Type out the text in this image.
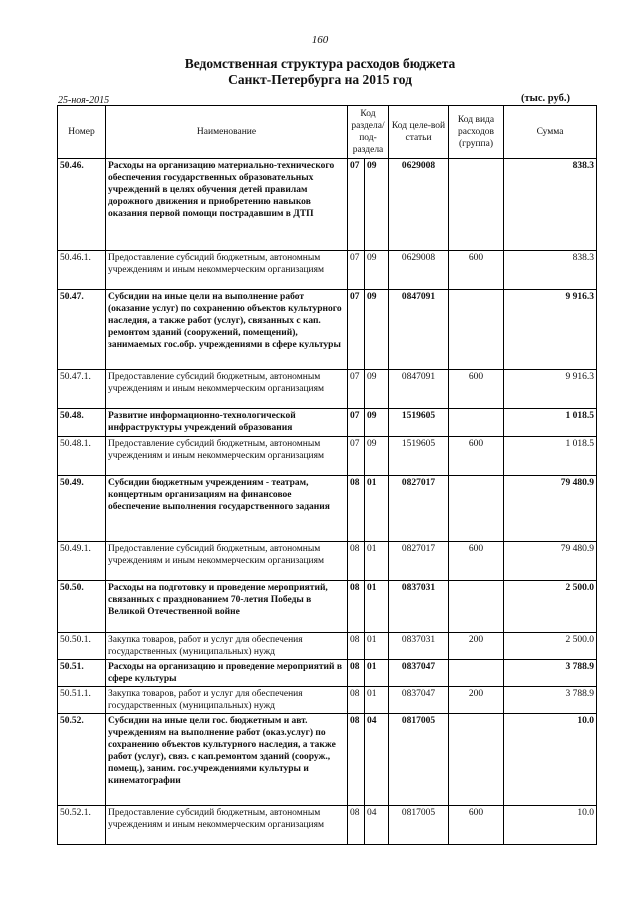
160
Ведомственная структура расходов бюджета
Санкт-Петербурга на 2015 год
25-ноя-2015	(тыс. руб.)
Номер	Наименование	Код раздела/ под-раздела		Код целе-вой статьи	Код вида расходов (группа)	Сумма
50.46.	Расходы на организацию материально-технического обеспечения государственных образовательных учреждений в целях обучения детей правилам дорожного движения и приобретению навыков оказания первой помощи пострадавшим в ДТП	07	09	0629008		838.3
50.46.1.	Предоставление субсидий бюджетным, автономным учреждениям и иным некоммерческим организациям	07	09	0629008	600	838.3
50.47.	Субсидии на иные цели на выполнение работ (оказание услуг) по сохранению объектов культурного наследия, а также работ (услуг), связанных с кап. ремонтом зданий (сооружений, помещений), занимаемых гос.обр. учреждениями в сфере культуры	07	09	0847091		9 916.3
50.47.1.	Предоставление субсидий бюджетным, автономным учреждениям и иным некоммерческим организациям	07	09	0847091	600	9 916.3
50.48.	Развитие информационно-технологической инфраструктуры учреждений образования	07	09	1519605		1 018.5
50.48.1.	Предоставление субсидий бюджетным, автономным учреждениям и иным некоммерческим организациям	07	09	1519605	600	1 018.5
50.49.	Субсидии бюджетным учреждениям - театрам, концертным организациям на финансовое обеспечение выполнения государственного задания	08	01	0827017		79 480.9
50.49.1.	Предоставление субсидий бюджетным, автономным учреждениям и иным некоммерческим организациям	08	01	0827017	600	79 480.9
50.50.	Расходы на подготовку и проведение мероприятий, связанных с празднованием 70-летия Победы в Великой Отечественной войне	08	01	0837031		2 500.0
50.50.1.	Закупка товаров, работ и услуг для обеспечения государственных (муниципальных) нужд	08	01	0837031	200	2 500.0
50.51.	Расходы на организацию и проведение мероприятий в сфере культуры	08	01	0837047		3 788.9
50.51.1.	Закупка товаров, работ и услуг для обеспечения государственных (муниципальных) нужд	08	01	0837047	200	3 788.9
50.52.	Субсидии на иные цели гос. бюджетным и авт. учреждениям на выполнение работ (оказ.услуг) по сохранению объектов культурного наследия, а также работ (услуг), связ. с кап.ремонтом зданий (сооруж., помещ.), заним. гос.учреждениями культуры и кинематографии	08	04	0817005		10.0
50.52.1.	Предоставление субсидий бюджетным, автономным учреждениям и иным некоммерческим организациям	08	04	0817005	600	10.0
